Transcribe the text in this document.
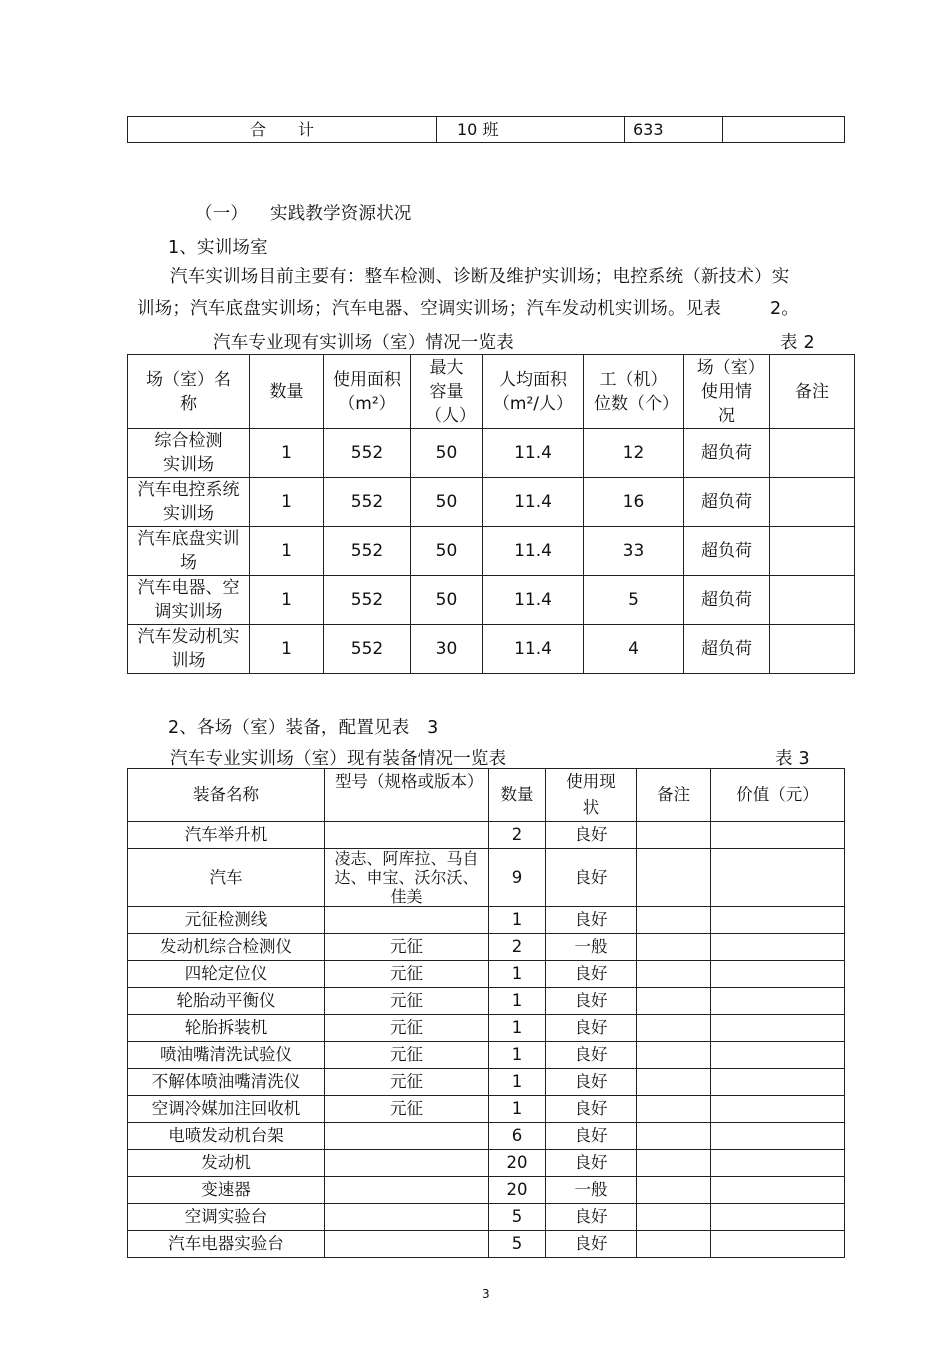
合　　计	10 班	633	
（一） 实践教学资源状况
1、实训场室
汽车实训场目前主要有：整车检测、诊断及维护实训场；电控系统（新技术）实
训场；汽车底盘实训场；汽车电器、空调实训场；汽车发动机实训场。见表	2。
汽车专业现有实训场（室）情况一览表	表 2
场（室）名称	数量	使用面积（m²）	最大容量（人）	人均面积（m²/人）	工（机）位数（个）	场（室）使用情况	备注
综合检测实训场	1	552	50	11.4	12	超负荷	
汽车电控系统实训场	1	552	50	11.4	16	超负荷	
汽车底盘实训场	1	552	50	11.4	33	超负荷	
汽车电器、空调实训场	1	552	50	11.4	5	超负荷	
汽车发动机实训场	1	552	30	11.4	4	超负荷	
2、各场（室）装备，配置见表　3
汽车专业实训场（室）现有装备情况一览表	表 3
装备名称	型号（规格或版本）	数量	使用现状	备注	价值（元）
汽车举升机		2	良好		
汽车	凌志、阿库拉、马自达、申宝、沃尔沃、佳美	9	良好		
元征检测线		1	良好		
发动机综合检测仪	元征	2	一般		
四轮定位仪	元征	1	良好		
轮胎动平衡仪	元征	1	良好		
轮胎拆装机	元征	1	良好		
喷油嘴清洗试验仪	元征	1	良好		
不解体喷油嘴清洗仪	元征	1	良好		
空调冷媒加注回收机	元征	1	良好		
电喷发动机台架		6	良好		
发动机		20	良好		
变速器		20	一般		
空调实验台		5	良好		
汽车电器实验台		5	良好		
3
